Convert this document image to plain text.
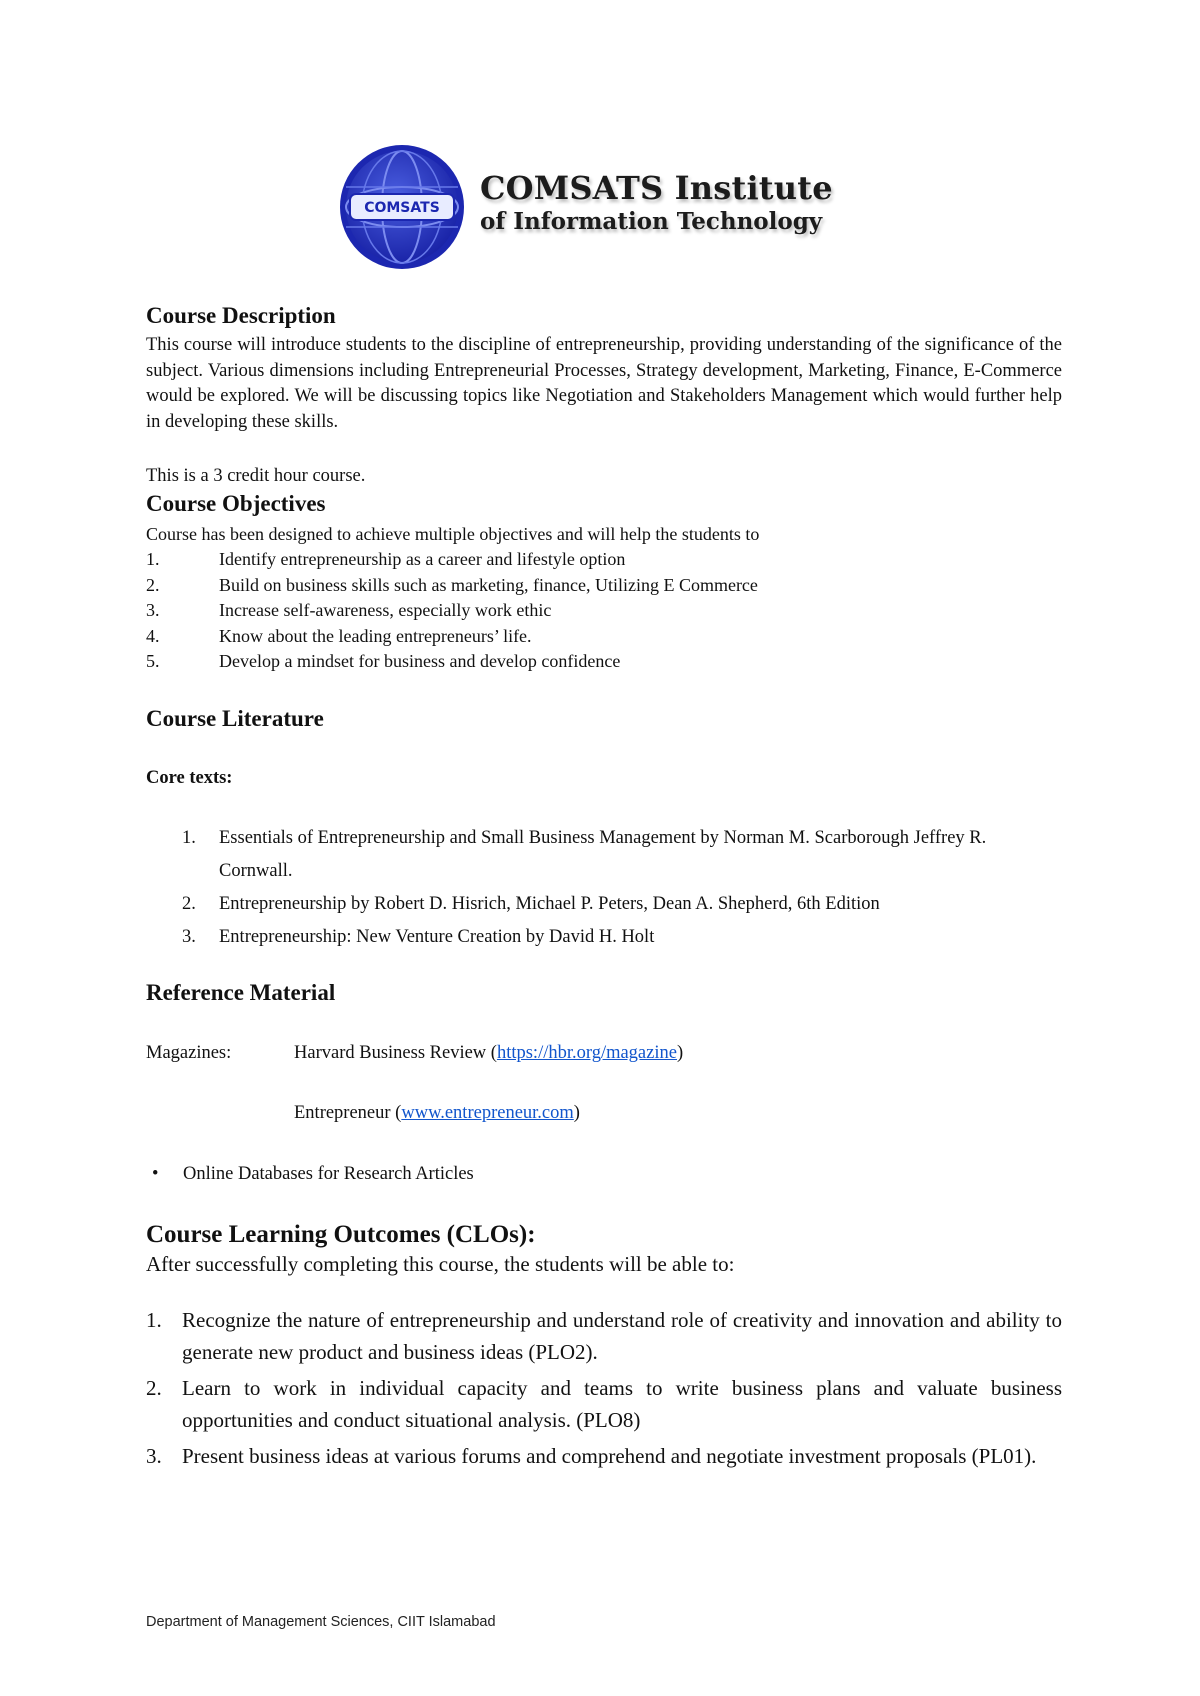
COMSATS
COMSATS Institute
of Information Technology
Course Description

This course will introduce students to the discipline of entrepreneurship, providing understanding of the significance of the subject. Various dimensions including Entrepreneurial Processes, Strategy development, Marketing, Finance, E-Commerce would be explored. We will be discussing topics like Negotiation and Stakeholders Management which would further help in developing these skills.

This is a 3 credit hour course.

Course Objectives

Course has been designed to achieve multiple objectives and will help the students to

1.	Identify entrepreneurship as a career and lifestyle option
2.	Build on business skills such as marketing, finance, Utilizing E Commerce
3.	Increase self-awareness, especially work ethic
4.	Know about the leading entrepreneurs’ life.
5.	Develop a mindset for business and develop confidence
Course Literature

Core texts:

1. Essentials of Entrepreneurship and Small Business Management by Norman M. Scarborough Jeffrey R. Cornwall.
2. Entrepreneurship by Robert D. Hisrich, Michael P. Peters, Dean A. Shepherd, 6th Edition
3. Entrepreneurship: New Venture Creation by David H. Holt
Reference Material

Magazines:	Harvard Business Review (https://hbr.org/magazine)

Entrepreneur (www.entrepreneur.com)

• Online Databases for Research Articles
Course Learning Outcomes (CLOs):

After successfully completing this course, the students will be able to:

1. Recognize the nature of entrepreneurship and understand role of creativity and innovation and ability to generate new product and business ideas (PLO2).
2. Learn to work in individual capacity and teams to write business plans and valuate business opportunities and conduct situational analysis. (PLO8)
3. Present business ideas at various forums and comprehend and negotiate investment proposals (PL01).
Department of Management Sciences, CIIT Islamabad
